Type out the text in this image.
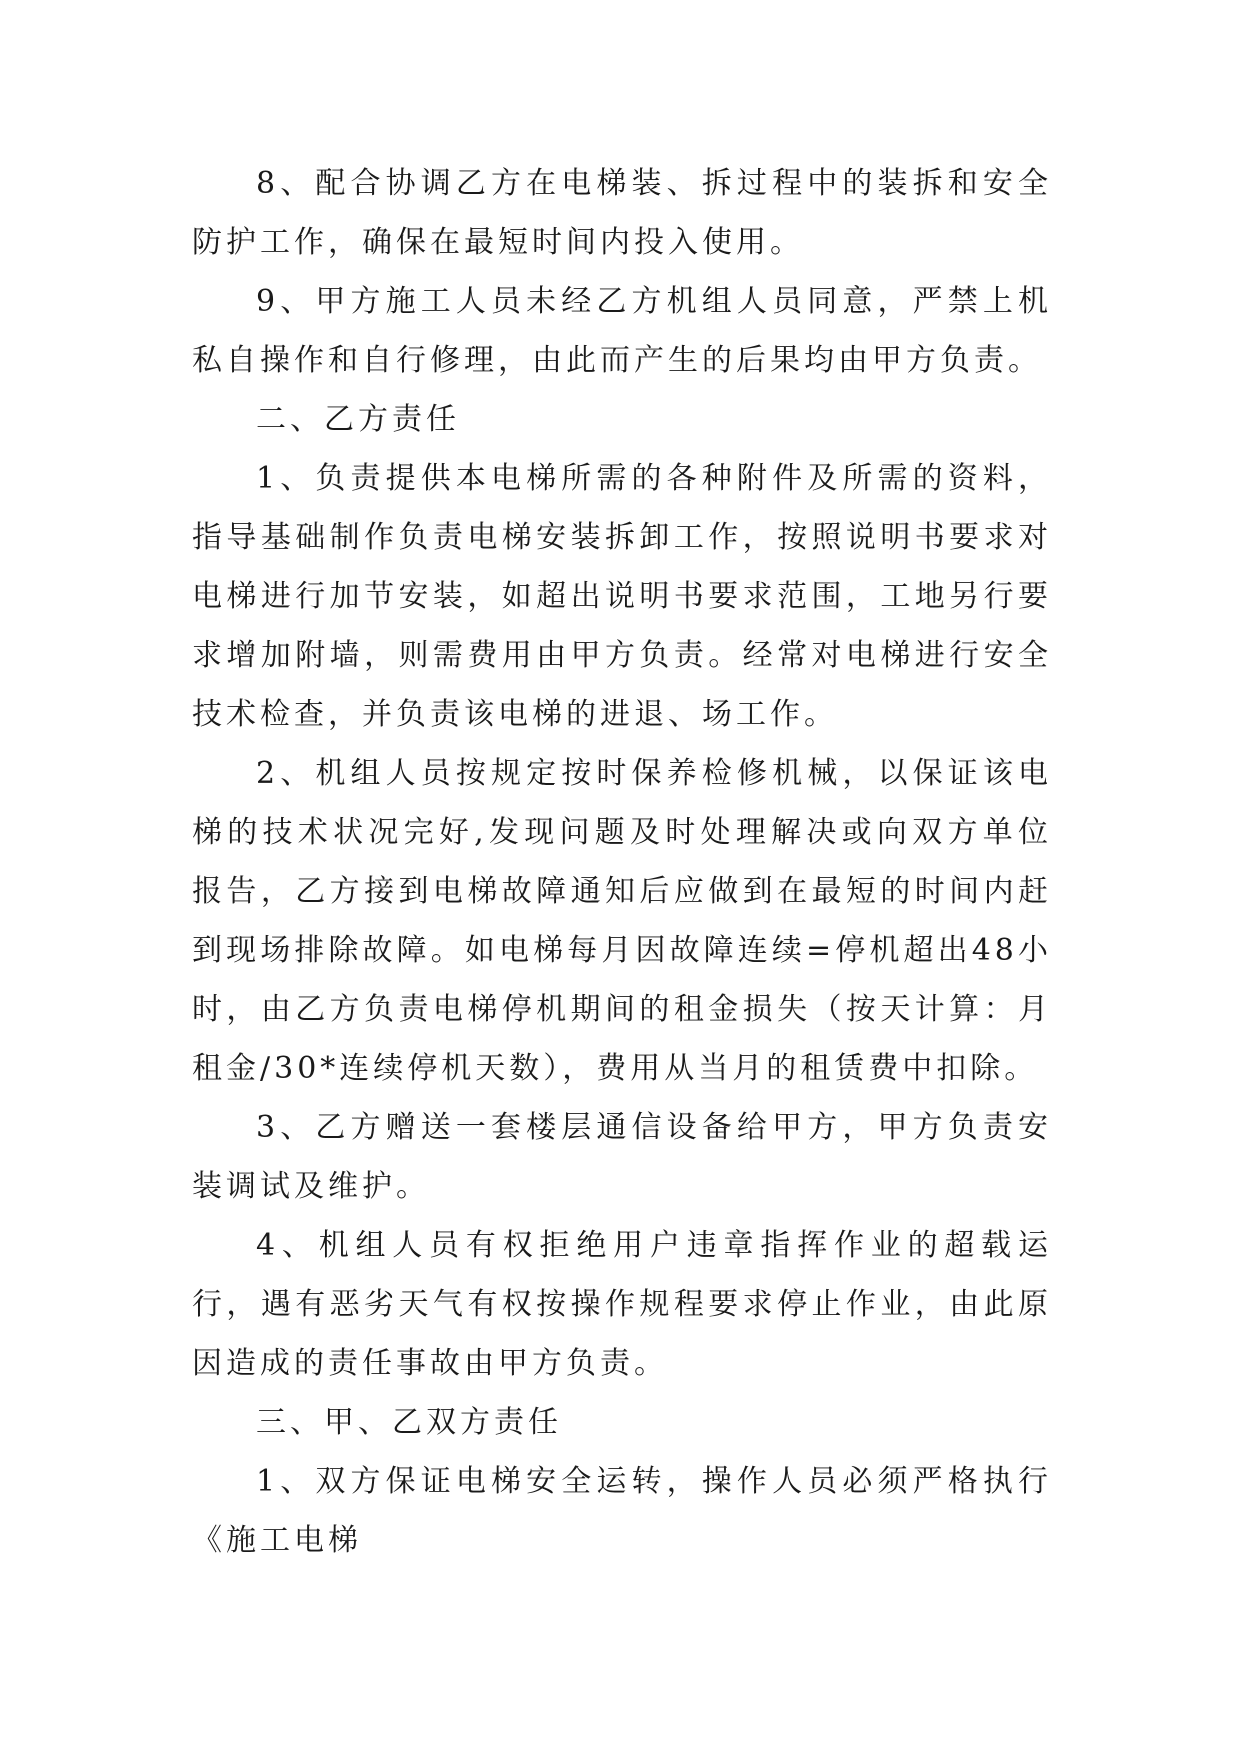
8、配合协调乙方在电梯装、拆过程中的装拆和安全防护工作，确保在最短时间内投入使用。

9、甲方施工人员未经乙方机组人员同意，严禁上机私自操作和自行修理，由此而产生的后果均由甲方负责。

二、乙方责任

1、负责提供本电梯所需的各种附件及所需的资料，指导基础制作负责电梯安装拆卸工作，按照说明书要求对电梯进行加节安装，如超出说明书要求范围，工地另行要求增加附墙，则需费用由甲方负责。经常对电梯进行安全技术检查，并负责该电梯的进退、场工作。

2、机组人员按规定按时保养检修机械，以保证该电梯的技术状况完好,发现问题及时处理解决或向双方单位报告，乙方接到电梯故障通知后应做到在最短的时间内赶到现场排除故障。如电梯每月因故障连续=停机超出48小时，由乙方负责电梯停机期间的租金损失（按天计算：月租金/30*连续停机天数），费用从当月的租赁费中扣除。

3、乙方赠送一套楼层通信设备给甲方，甲方负责安装调试及维护。

4、机组人员有权拒绝用户违章指挥作业的超载运行，遇有恶劣天气有权按操作规程要求停止作业，由此原因造成的责任事故由甲方负责。

三、甲、乙双方责任

1、双方保证电梯安全运转，操作人员必须严格执行《施工电梯
